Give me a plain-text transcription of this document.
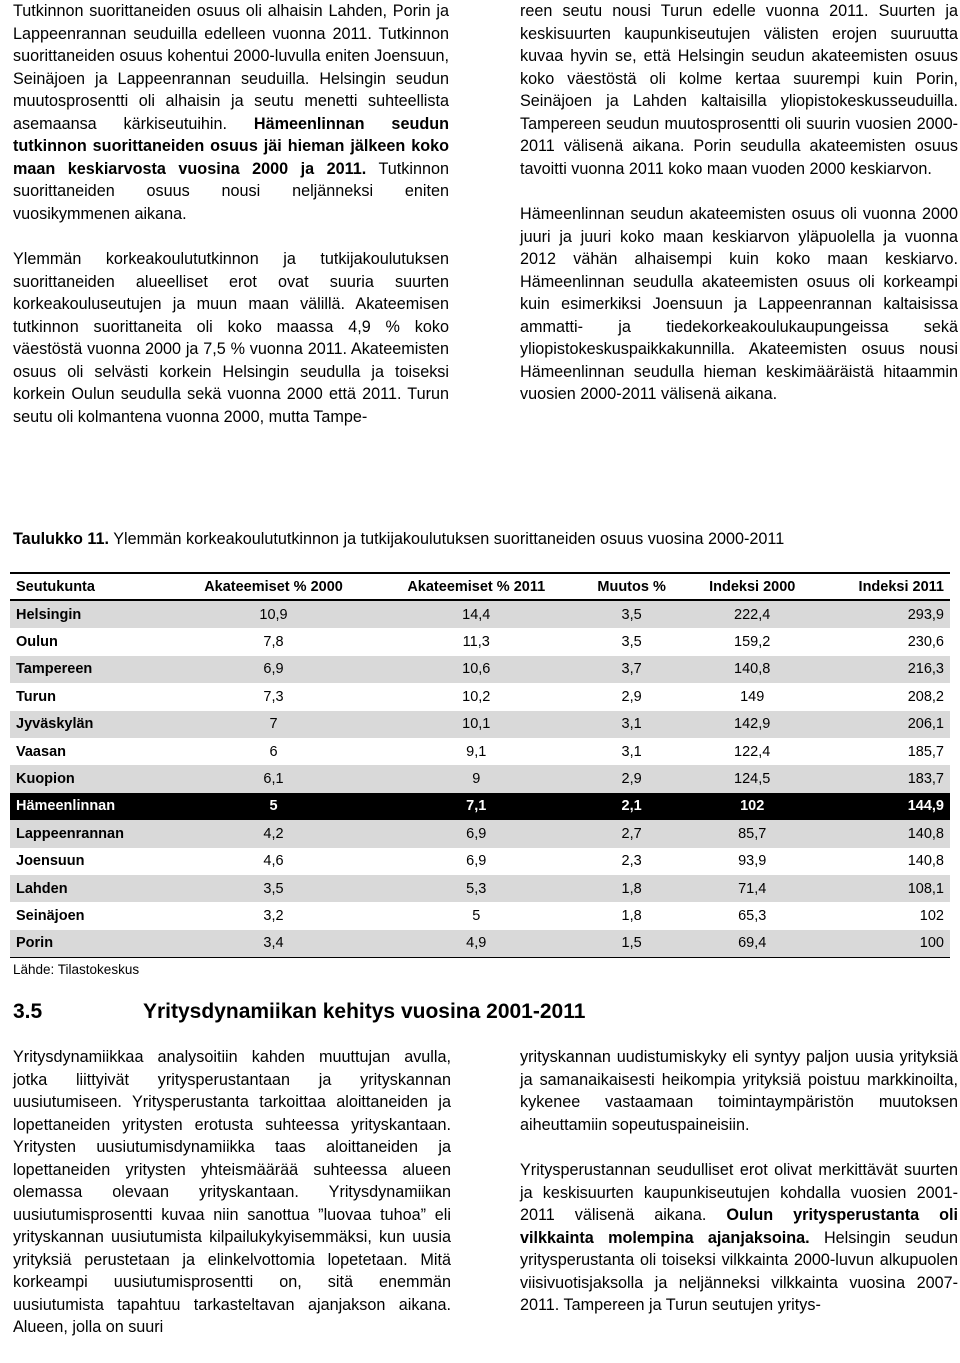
Tutkinnon suorittaneiden osuus oli alhaisin Lahden, Porin ja Lappeenrannan seuduilla edelleen vuonna 2011. Tutkinnon suorittaneiden osuus kohentui 2000-luvulla eniten Joensuun, Seinäjoen ja Lappeenrannan seuduilla. Helsingin seudun muutosprosentti oli alhaisin ja seutu menetti suhteellista asemaansa kärkiseutuihin. Hämeenlinnan seudun tutkinnon suorittaneiden osuus jäi hieman jälkeen koko maan keskiarvosta vuosina 2000 ja 2011. Tutkinnon suorittaneiden osuus nousi neljänneksi eniten vuosikymmenen aikana.

Ylemmän korkeakoulututkinnon ja tutkijakoulutuksen suorittaneiden alueelliset erot ovat suuria suurten korkeakouluseutujen ja muun maan välillä. Akateemisen tutkinnon suorittaneita oli koko maassa 4,9 % koko väestöstä vuonna 2000 ja 7,5 % vuonna 2011. Akateemisten osuus oli selvästi korkein Helsingin seudulla ja toiseksi korkein Oulun seudulla sekä vuonna 2000 että 2011. Turun seutu oli kolmantena vuonna 2000, mutta Tampe-

reen seutu nousi Turun edelle vuonna 2011. Suurten ja keskisuurten kaupunkiseutujen välisten erojen suuruutta kuvaa hyvin se, että Helsingin seudun akateemisten osuus koko väestöstä oli kolme kertaa suurempi kuin Porin, Seinäjoen ja Lahden kaltaisilla yliopistokeskusseuduilla. Tampereen seudun muutosprosentti oli suurin vuosien 2000-2011 välisenä aikana. Porin seudulla akateemisten osuus tavoitti vuonna 2011 koko maan vuoden 2000 keskiarvon.

Hämeenlinnan seudun akateemisten osuus oli vuonna 2000 juuri ja juuri koko maan keskiarvon yläpuolella ja vuonna 2012 vähän alhaisempi kuin koko maan keskiarvo. Hämeenlinnan seudulla akateemisten osuus oli korkeampi kuin esimerkiksi Joensuun ja Lappeenrannan kaltaisissa ammatti- ja tiedekorkeakoulukaupungeissa sekä yliopistokeskuspaikkakunnilla. Akateemisten osuus nousi Hämeenlinnan seudulla hieman keskimääräistä hitaammin vuosien 2000-2011 välisenä aikana.

Taulukko 11. Ylemmän korkeakoulututkinnon ja tutkijakoulutuksen suorittaneiden osuus vuosina 2000-2011
Seutukunta	Akateemiset % 2000	Akateemiset % 2011	Muutos %	Indeksi 2000	Indeksi 2011
Helsingin	10,9	14,4	3,5	222,4	293,9
Oulun	7,8	11,3	3,5	159,2	230,6
Tampereen	6,9	10,6	3,7	140,8	216,3
Turun	7,3	10,2	2,9	149	208,2
Jyväskylän	7	10,1	3,1	142,9	206,1
Vaasan	6	9,1	3,1	122,4	185,7
Kuopion	6,1	9	2,9	124,5	183,7
Hämeenlinnan	5	7,1	2,1	102	144,9
Lappeenrannan	4,2	6,9	2,7	85,7	140,8
Joensuun	4,6	6,9	2,3	93,9	140,8
Lahden	3,5	5,3	1,8	71,4	108,1
Seinäjoen	3,2	5	1,8	65,3	102
Porin	3,4	4,9	1,5	69,4	100
Lähde: Tilastokeskus
3.5	Yritysdynamiikan kehitys vuosina 2001-2011

Yritysdynamiikkaa analysoitiin kahden muuttujan avulla, jotka liittyivät yritysperustantaan ja yrityskannan uusiutumiseen. Yritysperustanta tarkoittaa aloittaneiden ja lopettaneiden yritysten erotusta suhteessa yrityskantaan. Yritysten uusiutumisdynamiikka taas aloittaneiden ja lopettaneiden yritysten yhteismäärää suhteessa alueen olemassa olevaan yrityskantaan. Yritysdynamiikan uusiutumisprosentti kuvaa niin sanottua ”luovaa tuhoa” eli yrityskannan uusiutumista kilpailukykyisemmäksi, kun uusia yrityksiä perustetaan ja elinkelvottomia lopetetaan. Mitä korkeampi uusiutumisprosentti on, sitä enemmän uusiutumista tapahtuu tarkasteltavan ajanjakson aikana. Alueen, jolla on suuri

yrityskannan uudistumiskyky eli syntyy paljon uusia yrityksiä ja samanaikaisesti heikompia yrityksiä poistuu markkinoilta, kykenee vastaamaan toimintaympäristön muutoksen aiheuttamiin sopeutuspaineisiin.

Yritysperustannan seudulliset erot olivat merkittävät suurten ja keskisuurten kaupunkiseutujen kohdalla vuosien 2001-2011 välisenä aikana. Oulun yritysperustanta oli vilkkainta molempina ajanjaksoina. Helsingin seudun yritysperustanta oli toiseksi vilkkainta 2000-luvun alkupuolen viisivuotisjaksolla ja neljänneksi vilkkainta vuosina 2007-2011. Tampereen ja Turun seutujen yritys-
